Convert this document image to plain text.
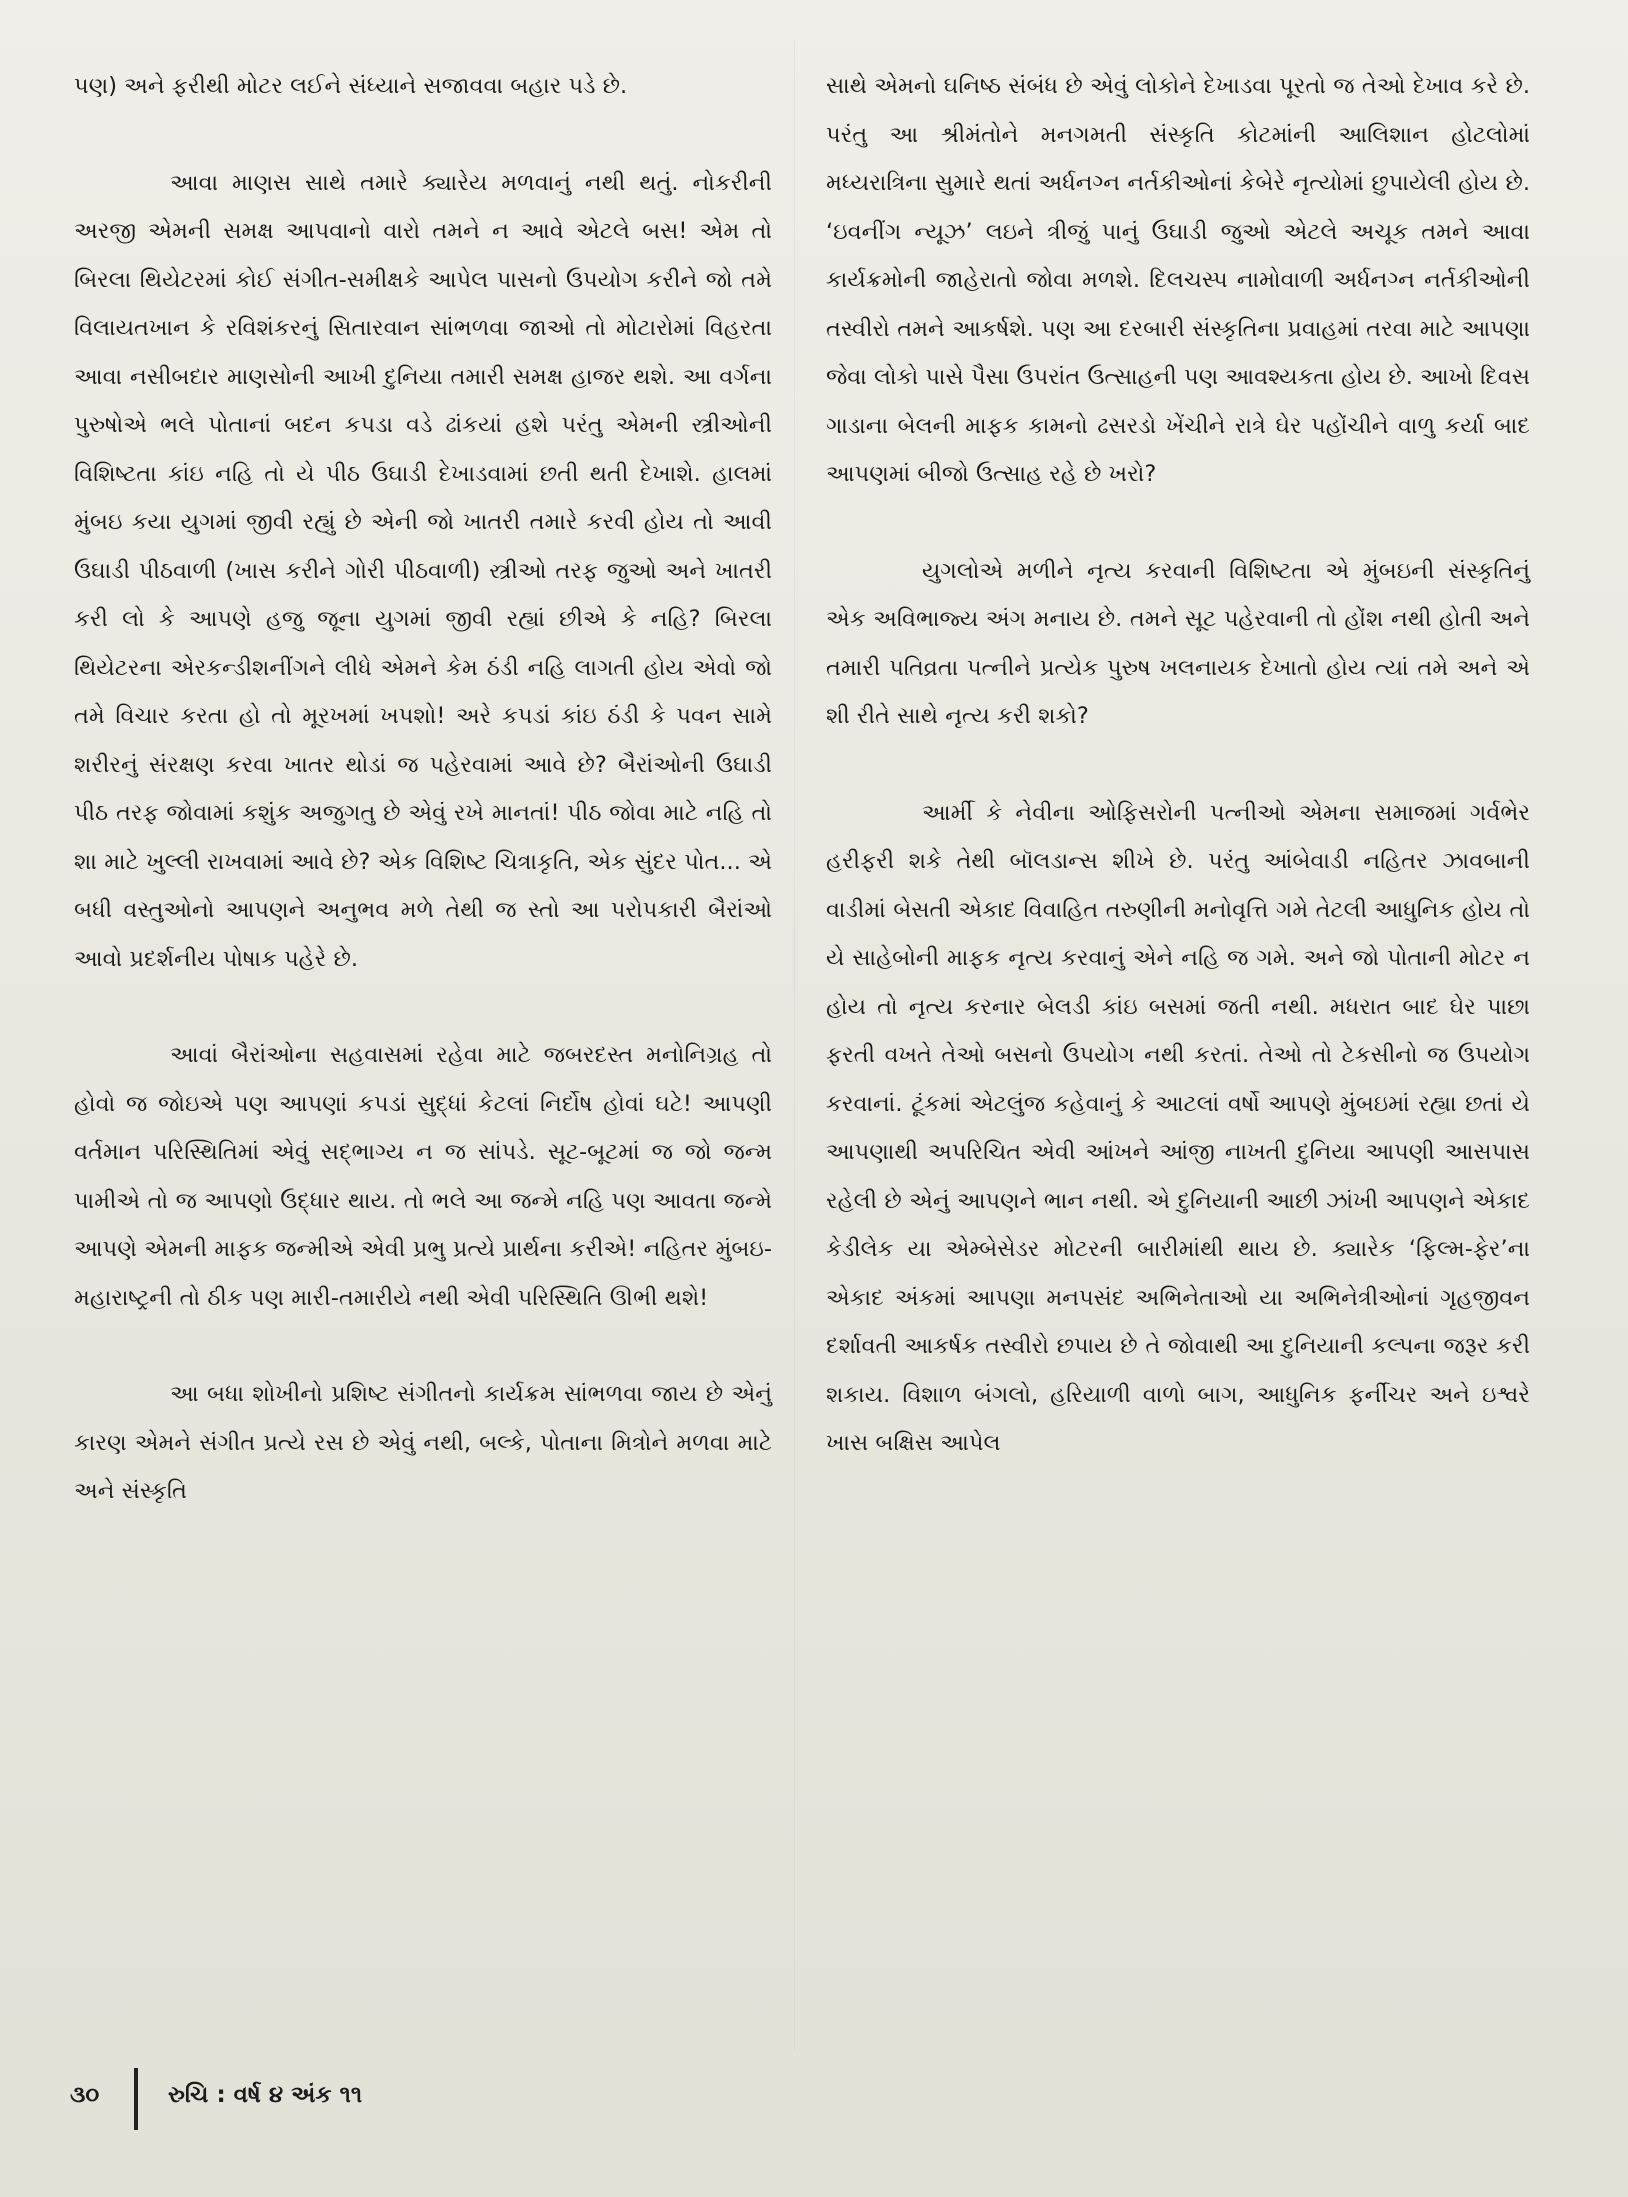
પણ) અને ફરીથી મોટર લઈને સંધ્યાને સજાવવા બહાર પડે છે.

આવા માણસ સાથે તમારે ક્યારેય મળવાનું નથી થતું. નોકરીની અરજી એમની સમક્ષ આપવાનો વારો તમને ન આવે એટલે બસ! એમ તો બિરલા થિયેટરમાં કોઈ સંગીત-સમીક્ષકે આપેલ પાસનો ઉપયોગ કરીને જો તમે વિલાયતખાન કે રવિશંકરનું સિતારવાન સાંભળવા જાઓ તો મોટારોમાં વિહરતા આવા નસીબદાર માણસોની આખી દુનિયા તમારી સમક્ષ હાજર થશે. આ વર્ગના પુરુષોએ ભલે પોતાનાં બદન કપડા વડે ઢાંકયાં હશે પરંતુ એમની સ્ત્રીઓની વિશિષ્ટતા કાંઇ નહિ તો યે પીઠ ઉઘાડી દેખાડવામાં છતી થતી દેખાશે. હાલમાં મુંબઇ કયા યુગમાં જીવી રહ્યું છે એની જો ખાતરી તમારે કરવી હોય તો આવી ઉઘાડી પીઠવાળી (ખાસ કરીને ગોરી પીઠવાળી) સ્ત્રીઓ તરફ જુઓ અને ખાતરી કરી લો કે આપણે હજુ જૂના યુગમાં જીવી રહ્યાં છીએ કે નહિ? બિરલા થિયેટરના એરકન્ડીશનીંગને લીધે એમને કેમ ઠંડી નહિ લાગતી હોય એવો જો તમે વિચાર કરતા હો તો મૂરખમાં ખપશો! અરે કપડાં કાંઇ ઠંડી કે પવન સામે શરીરનું સંરક્ષણ કરવા ખાતર થોડાં જ પહેરવામાં આવે છે? બૈરાંઓની ઉઘાડી પીઠ તરફ જોવામાં કશુંક અજુગતુ છે એવું રખે માનતાં! પીઠ જોવા માટે નહિ તો શા માટે ખુલ્લી રાખવામાં આવે છે? એક વિશિષ્ટ ચિત્રાકૃતિ, એક સુંદર પોત... એ બધી વસ્તુઓનો આપણને અનુભવ મળે તેથી જ સ્તો આ પરોપકારી બૈરાંઓ આવો પ્રદર્શનીય પોષાક પહેરે છે.

આવાં બૈરાંઓના સહવાસમાં રહેવા માટે જબરદસ્ત મનોનિગ્રહ તો હોવો જ જોઇએ પણ આપણાં કપડાં સુદ્ધાં કેટલાં નિર્દોષ હોવાં ઘટે! આપણી વર્તમાન પરિસ્થિતિમાં એવું સદ્ભાગ્ય ન જ સાંપડે. સૂટ-બૂટમાં જ જો જન્મ પામીએ તો જ આપણો ઉદ્ધાર થાય. તો ભલે આ જન્મે નહિ પણ આવતા જન્મે આપણે એમની માફક જન્મીએ એવી પ્રભુ પ્રત્યે પ્રાર્થના કરીએ! નહિતર મુંબઇ-મહારાષ્ટ્રની તો ઠીક પણ મારી-તમારીયે નથી એવી પરિસ્થિતિ ઊભી થશે!

આ બધા શોખીનો પ્રશિષ્ટ સંગીતનો કાર્યક્રમ સાંભળવા જાય છે એનું કારણ એમને સંગીત પ્રત્યે રસ છે એવું નથી, બલ્કે, પોતાના મિત્રોને મળવા માટે અને સંસ્કૃતિ

સાથે એમનો ઘનિષ્ઠ સંબંધ છે એવું લોકોને દેખાડવા પૂરતો જ તેઓ દેખાવ કરે છે. પરંતુ આ શ્રીમંતોને મનગમતી સંસ્કૃતિ કોટમાંની આલિશાન હોટલોમાં મધ્યરાત્રિના સુમારે થતાં અર્ધનગ્ન નર્તકીઓનાં કેબેરે નૃત્યોમાં છુપાયેલી હોય છે. ‘ઇવનીંગ ન્યૂઝ’ લઇને ત્રીજું પાનું ઉઘાડી જુઓ એટલે અચૂક તમને આવા કાર્યક્રમોની જાહેરાતો જોવા મળશે. દિલચસ્પ નામોવાળી અર્ધનગ્ન નર્તકીઓની તસ્વીરો તમને આકર્ષશે. પણ આ દરબારી સંસ્કૃતિના પ્રવાહમાં તરવા માટે આપણા જેવા લોકો પાસે પૈસા ઉપરાંત ઉત્સાહની પણ આવશ્યકતા હોય છે. આખો દિવસ ગાડાના બેલની માફક કામનો ઢસરડો ખેંચીને રાત્રે ઘેર પહોંચીને વાળુ કર્યા બાદ આપણમાં બીજો ઉત્સાહ રહે છે ખરો?

યુગલોએ મળીને નૃત્ય કરવાની વિશિષ્ટતા એ મુંબઇની સંસ્કૃતિનું એક અવિભાજ્ય અંગ મનાય છે. તમને સૂટ પહેરવાની તો હોંશ નથી હોતી અને તમારી પતિવ્રતા પત્નીને પ્રત્યેક પુરુષ ખલનાયક દેખાતો હોય ત્યાં તમે અને એ શી રીતે સાથે નૃત્ય કરી શકો?

આર્મી કે નેવીના ઓફિસરોની પત્નીઓ એમના સમાજમાં ગર્વભેર હરીફરી શકે તેથી બૉલડાન્સ શીખે છે. પરંતુ આંબેવાડી નહિતર ઝાવબાની વાડીમાં બેસતી એકાદ વિવાહિત તરુણીની મનોવૃત્તિ ગમે તેટલી આધુનિક હોય તો યે સાહેબોની માફક નૃત્ય કરવાનું એને નહિ જ ગમે. અને જો પોતાની મોટર ન હોય તો નૃત્ય કરનાર બેલડી કાંઇ બસમાં જતી નથી. મધરાત બાદ ઘેર પાછા ફરતી વખતે તેઓ બસનો ઉપયોગ નથી કરતાં. તેઓ તો ટેકસીનો જ ઉપયોગ કરવાનાં. ટૂંકમાં એટલુંજ કહેવાનું કે આટલાં વર્ષો આપણે મુંબઇમાં રહ્યા છતાં યે આપણાથી અપરિચિત એવી આંખને આંજી નાખતી દુનિયા આપણી આસપાસ રહેલી છે એનું આપણને ભાન નથી. એ દુનિયાની આછી ઝાંખી આપણને એકાદ કેડીલેક યા એમ્બેસેડર મોટરની બારીમાંથી થાય છે. ક્યારેક ‘ફિલ્મ-ફેર’ના એકાદ અંકમાં આપણા મનપસંદ અભિનેતાઓ યા અભિનેત્રીઓનાં ગૃહજીવન દર્શાવતી આકર્ષક તસ્વીરો છપાય છે તે જોવાથી આ દુનિયાની કલ્પના જરૂર કરી શકાય. વિશાળ બંગલો, હરિયાળી વાળો બાગ, આધુનિક ફર્નીચર અને ઇશ્વરે ખાસ બક્ષિસ આપેલ

૩૦	રુચિ : વર્ષ ૪ અંક ૧૧
